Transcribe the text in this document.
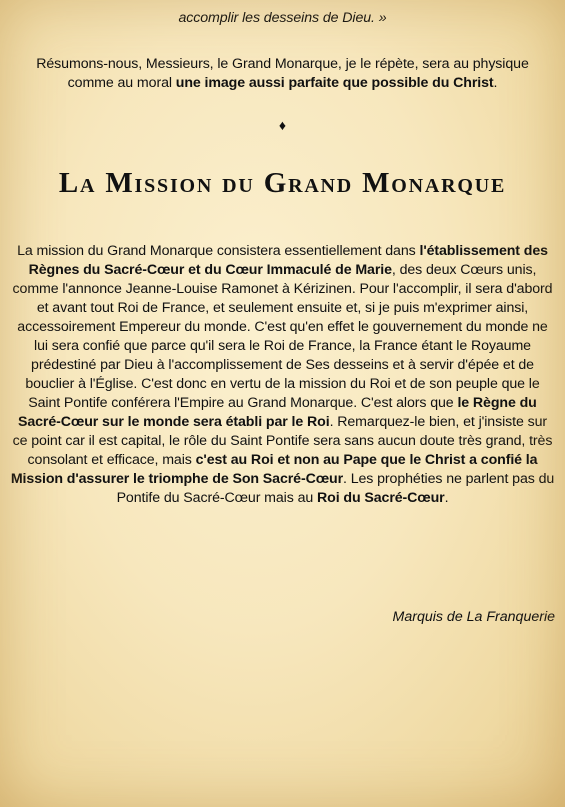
accomplir les desseins de Dieu. »

Résumons-nous, Messieurs, le Grand Monarque, je le répète, sera au physique comme au moral une image aussi parfaite que possible du Christ.

♦
La Mission du Grand Monarque

La mission du Grand Monarque consistera essentiellement dans l'établissement des Règnes du Sacré-Cœur et du Cœur Immaculé de Marie, des deux Cœurs unis, comme l'annonce Jeanne-Louise Ramonet à Kérizinen. Pour l'accomplir, il sera d'abord et avant tout Roi de France, et seulement ensuite et, si je puis m'exprimer ainsi, accessoirement Empereur du monde. C'est qu'en effet le gouvernement du monde ne lui sera confié que parce qu'il sera le Roi de France, la France étant le Royaume prédestiné par Dieu à l'accomplissement de Ses desseins et à servir d'épée et de bouclier à l'Église. C'est donc en vertu de la mission du Roi et de son peuple que le Saint Pontife conférera l'Empire au Grand Monarque. C'est alors que le Règne du Sacré-Cœur sur le monde sera établi par le Roi. Remarquez-le bien, et j'insiste sur ce point car il est capital, le rôle du Saint Pontife sera sans aucun doute très grand, très consolant et efficace, mais c'est au Roi et non au Pape que le Christ a confié la Mission d'assurer le triomphe de Son Sacré-Cœur. Les prophéties ne parlent pas du Pontife du Sacré-Cœur mais au Roi du Sacré-Cœur.

Marquis de La Franquerie
